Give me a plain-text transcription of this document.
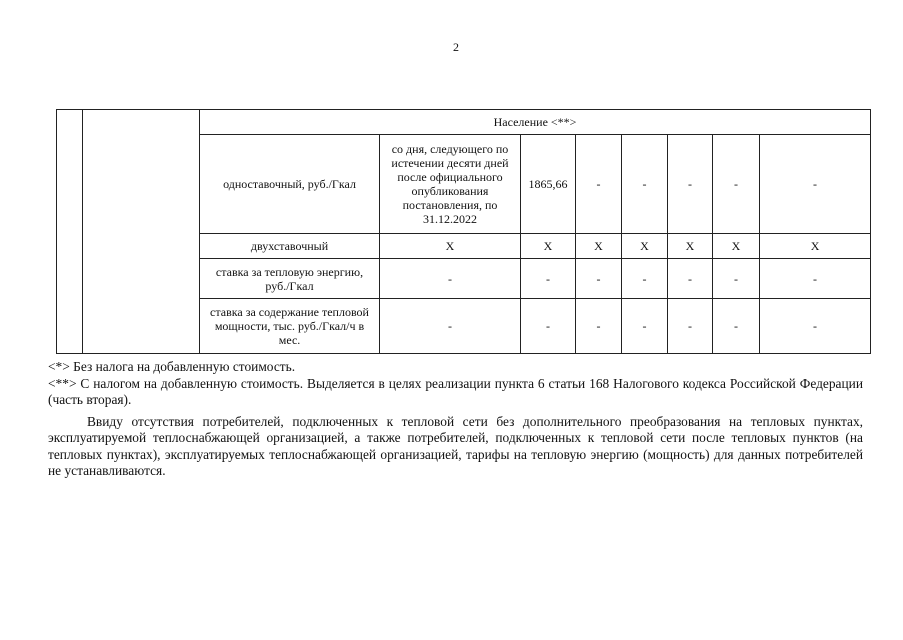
2
		Население <**>							
		одноставочный, руб./Гкал	со дня, следующего по истечении десяти дней после официального опубликования постановления, по 31.12.2022	1865,66	-	-	-	-	-
		двухставочный	Х	Х	Х	Х	Х	Х	Х
		ставка за тепловую энергию, руб./Гкал	-	-	-	-	-	-	-
		ставка за содержание тепловой мощности, тыс. руб./Гкал/ч в мес.	-	-	-	-	-	-	-

<*> Без налога на добавленную стоимость.

<**> С налогом на добавленную стоимость. Выделяется в целях реализации пункта 6 статьи 168 Налогового кодекса Российской Федерации (часть вторая).

Ввиду отсутствия потребителей, подключенных к тепловой сети без дополнительного преобразования на тепловых пунктах, эксплуатируемой теплоснабжающей организацией, а также потребителей, подключенных к тепловой сети после тепловых пунктов (на тепловых пунктах), эксплуатируемых теплоснабжающей организацией, тарифы на тепловую энергию (мощность) для данных потребителей не устанавливаются.
